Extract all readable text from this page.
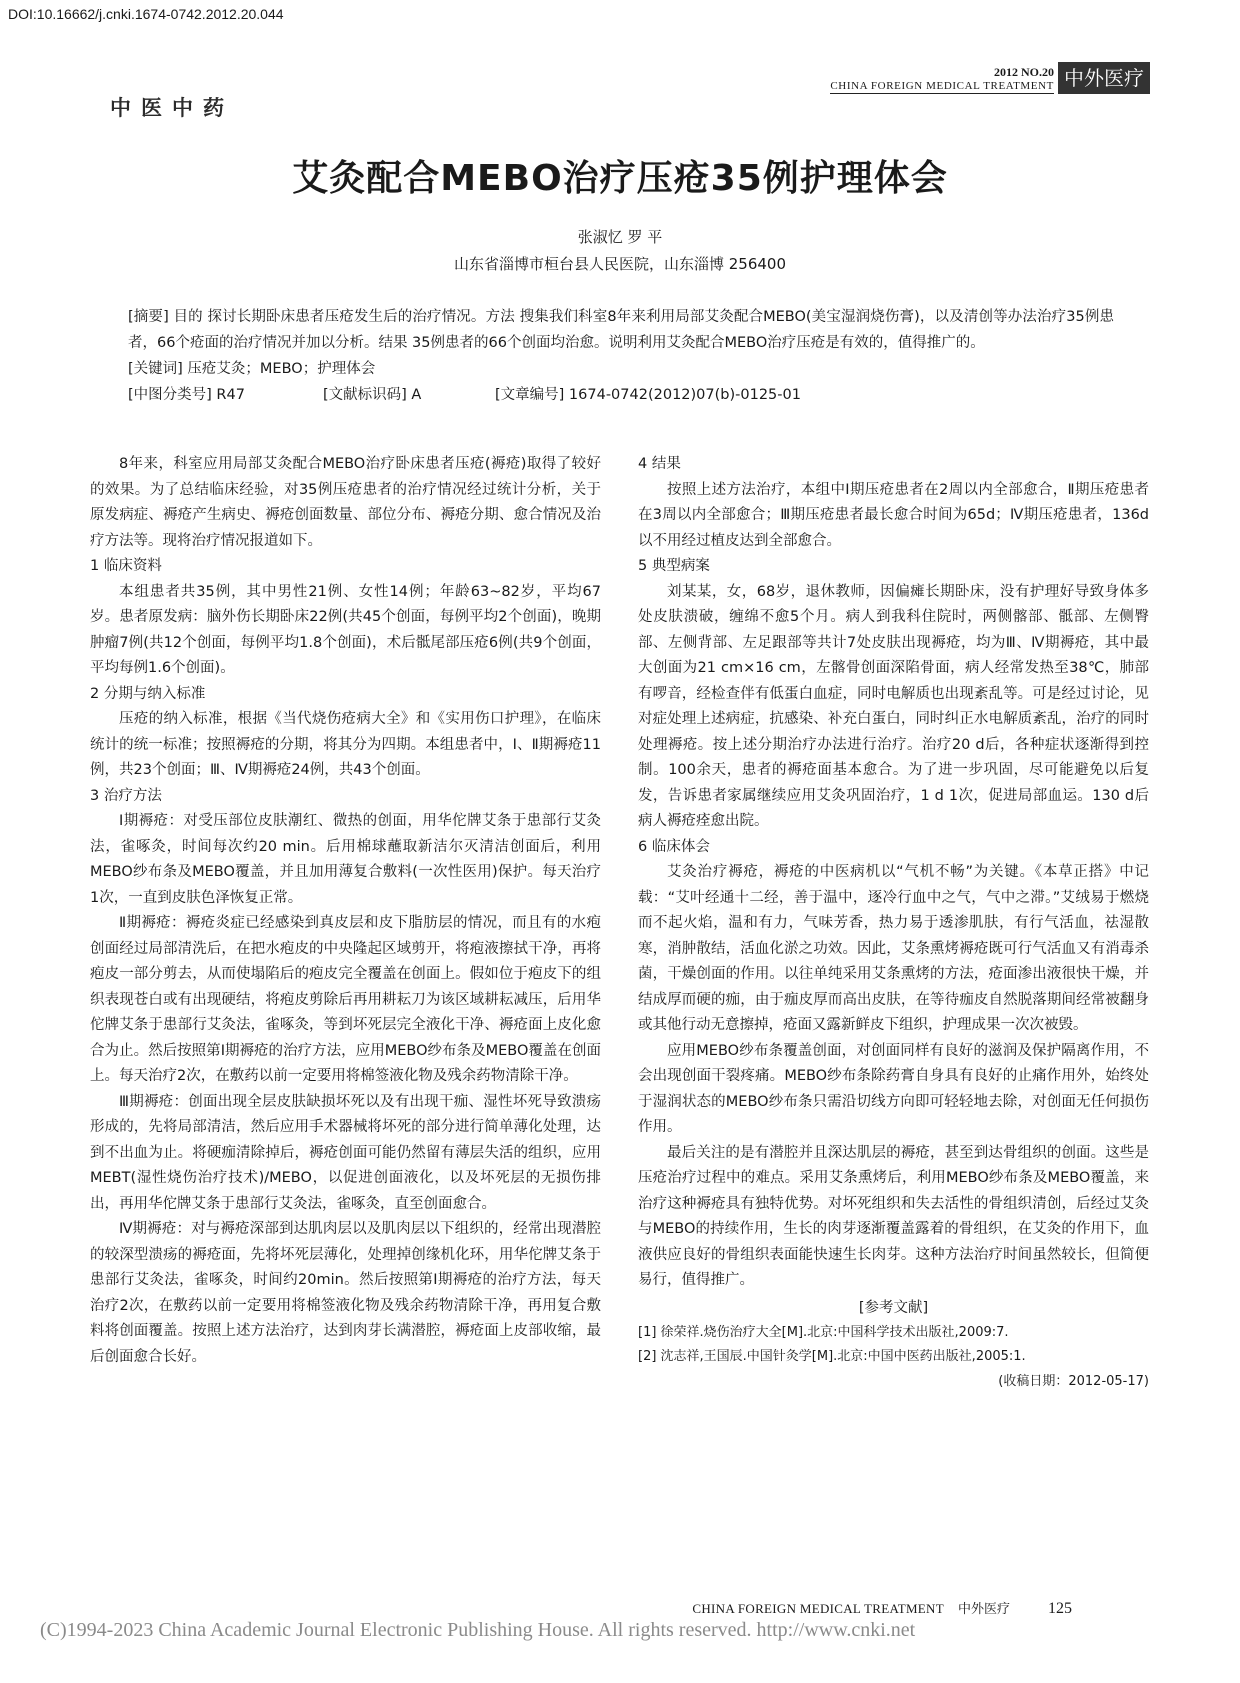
DOI:10.16662/j.cnki.1674-0742.2012.20.044
中医中药
2012 NO.20
CHINA FOREIGN MEDICAL TREATMENT 中外医疗
艾灸配合MEBO治疗压疮35例护理体会
张淑忆 罗 平
山东省淄博市桓台县人民医院，山东淄博 256400

[摘要] 目的 探讨长期卧床患者压疮发生后的治疗情况。方法 搜集我们科室8年来利用局部艾灸配合MEBO(美宝湿润烧伤膏)，以及清创等办法治疗35例患者，66个疮面的治疗情况并加以分析。结果 35例患者的66个创面均治愈。说明利用艾灸配合MEBO治疗压疮是有效的，值得推广的。

[关键词] 压疮艾灸；MEBO；护理体会

[中图分类号] R47	[文献标识码] A	[文章编号] 1674-0742(2012)07(b)-0125-01

8年来，科室应用局部艾灸配合MEBO治疗卧床患者压疮(褥疮)取得了较好的效果。为了总结临床经验，对35例压疮患者的治疗情况经过统计分析，关于原发病症、褥疮产生病史、褥疮创面数量、部位分布、褥疮分期、愈合情况及治疗方法等。现将治疗情况报道如下。

1 临床资料

本组患者共35例，其中男性21例、女性14例；年龄63~82岁，平均67岁。患者原发病：脑外伤长期卧床22例(共45个创面，每例平均2个创面)，晚期肿瘤7例(共12个创面，每例平均1.8个创面)，术后骶尾部压疮6例(共9个创面，平均每例1.6个创面)。

2 分期与纳入标准

压疮的纳入标准，根据《当代烧伤疮病大全》和《实用伤口护理》，在临床统计的统一标准；按照褥疮的分期，将其分为四期。本组患者中，Ⅰ、Ⅱ期褥疮11例，共23个创面；Ⅲ、Ⅳ期褥疮24例，共43个创面。

3 治疗方法

Ⅰ期褥疮：对受压部位皮肤潮红、微热的创面，用华佗牌艾条于患部行艾灸法，雀啄灸，时间每次约20 min。后用棉球蘸取新洁尔灭清洁创面后，利用MEBO纱布条及MEBO覆盖，并且加用薄复合敷料(一次性医用)保护。每天治疗1次，一直到皮肤色泽恢复正常。

Ⅱ期褥疮：褥疮炎症已经感染到真皮层和皮下脂肪层的情况，而且有的水疱创面经过局部清洗后，在把水疱皮的中央隆起区域剪开，将疱液擦拭干净，再将疱皮一部分剪去，从而使塌陷后的疱皮完全覆盖在创面上。假如位于疱皮下的组织表现苍白或有出现硬结，将疱皮剪除后再用耕耘刀为该区域耕耘减压，后用华佗牌艾条于患部行艾灸法，雀啄灸，等到坏死层完全液化干净、褥疮面上皮化愈合为止。然后按照第Ⅰ期褥疮的治疗方法，应用MEBO纱布条及MEBO覆盖在创面上。每天治疗2次，在敷药以前一定要用将棉签液化物及残余药物清除干净。

Ⅲ期褥疮：创面出现全层皮肤缺损坏死以及有出现干痂、湿性坏死导致溃疡形成的，先将局部清洁，然后应用手术器械将坏死的部分进行简单薄化处理，达到不出血为止。将硬痂清除掉后，褥疮创面可能仍然留有薄层失活的组织，应用MEBT(湿性烧伤治疗技术)/MEBO，以促进创面液化，以及坏死层的无损伤排出，再用华佗牌艾条于患部行艾灸法，雀啄灸，直至创面愈合。

Ⅳ期褥疮：对与褥疮深部到达肌肉层以及肌肉层以下组织的，经常出现潜腔的较深型溃疡的褥疮面，先将坏死层薄化，处理掉创缘机化环，用华佗牌艾条于患部行艾灸法，雀啄灸，时间约20min。然后按照第Ⅰ期褥疮的治疗方法，每天治疗2次，在敷药以前一定要用将棉签液化物及残余药物清除干净，再用复合敷料将创面覆盖。按照上述方法治疗，达到肉芽长满潜腔，褥疮面上皮部收缩，最后创面愈合长好。

4 结果

按照上述方法治疗，本组中Ⅰ期压疮患者在2周以内全部愈合，Ⅱ期压疮患者在3周以内全部愈合；Ⅲ期压疮患者最长愈合时间为65d；Ⅳ期压疮患者，136d以不用经过植皮达到全部愈合。

5 典型病案

刘某某，女，68岁，退休教师，因偏瘫长期卧床，没有护理好导致身体多处皮肤溃破，缠绵不愈5个月。病人到我科住院时，两侧髂部、骶部、左侧臀部、左侧背部、左足跟部等共计7处皮肤出现褥疮，均为Ⅲ、Ⅳ期褥疮，其中最大创面为21 cm×16 cm，左髂骨创面深陷骨面，病人经常发热至38℃，肺部有啰音，经检查伴有低蛋白血症，同时电解质也出现紊乱等。可是经过讨论，见对症处理上述病症，抗感染、补充白蛋白，同时纠正水电解质紊乱，治疗的同时处理褥疮。按上述分期治疗办法进行治疗。治疗20 d后，各种症状逐渐得到控制。100余天，患者的褥疮面基本愈合。为了进一步巩固，尽可能避免以后复发，告诉患者家属继续应用艾灸巩固治疗，1 d 1次，促进局部血运。130 d后病人褥疮痊愈出院。

6 临床体会

艾灸治疗褥疮，褥疮的中医病机以“气机不畅”为关键。《本草正搭》中记载：“艾叶经通十二经，善于温中，逐冷行血中之气，气中之滞。”艾绒易于燃烧而不起火焰，温和有力，气味芳香，热力易于透渗肌肤，有行气活血，祛湿散寒，消肿散结，活血化淤之功效。因此，艾条熏烤褥疮既可行气活血又有消毒杀菌，干燥创面的作用。以往单纯采用艾条熏烤的方法，疮面渗出液很快干燥，并结成厚而硬的痂，由于痂皮厚而高出皮肤，在等待痂皮自然脱落期间经常被翻身或其他行动无意擦掉，疮面又露新鲜皮下组织，护理成果一次次被毁。

应用MEBO纱布条覆盖创面，对创面同样有良好的滋润及保护隔离作用，不会出现创面干裂疼痛。MEBO纱布条除药膏自身具有良好的止痛作用外，始终处于湿润状态的MEBO纱布条只需沿切线方向即可轻轻地去除，对创面无任何损伤作用。

最后关注的是有潜腔并且深达肌层的褥疮，甚至到达骨组织的创面。这些是压疮治疗过程中的难点。采用艾条熏烤后，利用MEBO纱布条及MEBO覆盖，来治疗这种褥疮具有独特优势。对坏死组织和失去活性的骨组织清创，后经过艾灸与MEBO的持续作用，生长的肉芽逐渐覆盖露着的骨组织，在艾灸的作用下，血液供应良好的骨组织表面能快速生长肉芽。这种方法治疗时间虽然较长，但简便易行，值得推广。

[参考文献]

[1] 徐荣祥.烧伤治疗大全[M].北京:中国科学技术出版社,2009:7.

[2] 沈志祥,王国辰.中国针灸学[M].北京:中国中医药出版社,2005:1.

(收稿日期：2012-05-17)

CHINA FOREIGN MEDICAL TREATMENT 中外医疗 125
(C)1994-2023 China Academic Journal Electronic Publishing House. All rights reserved. http://www.cnki.net
